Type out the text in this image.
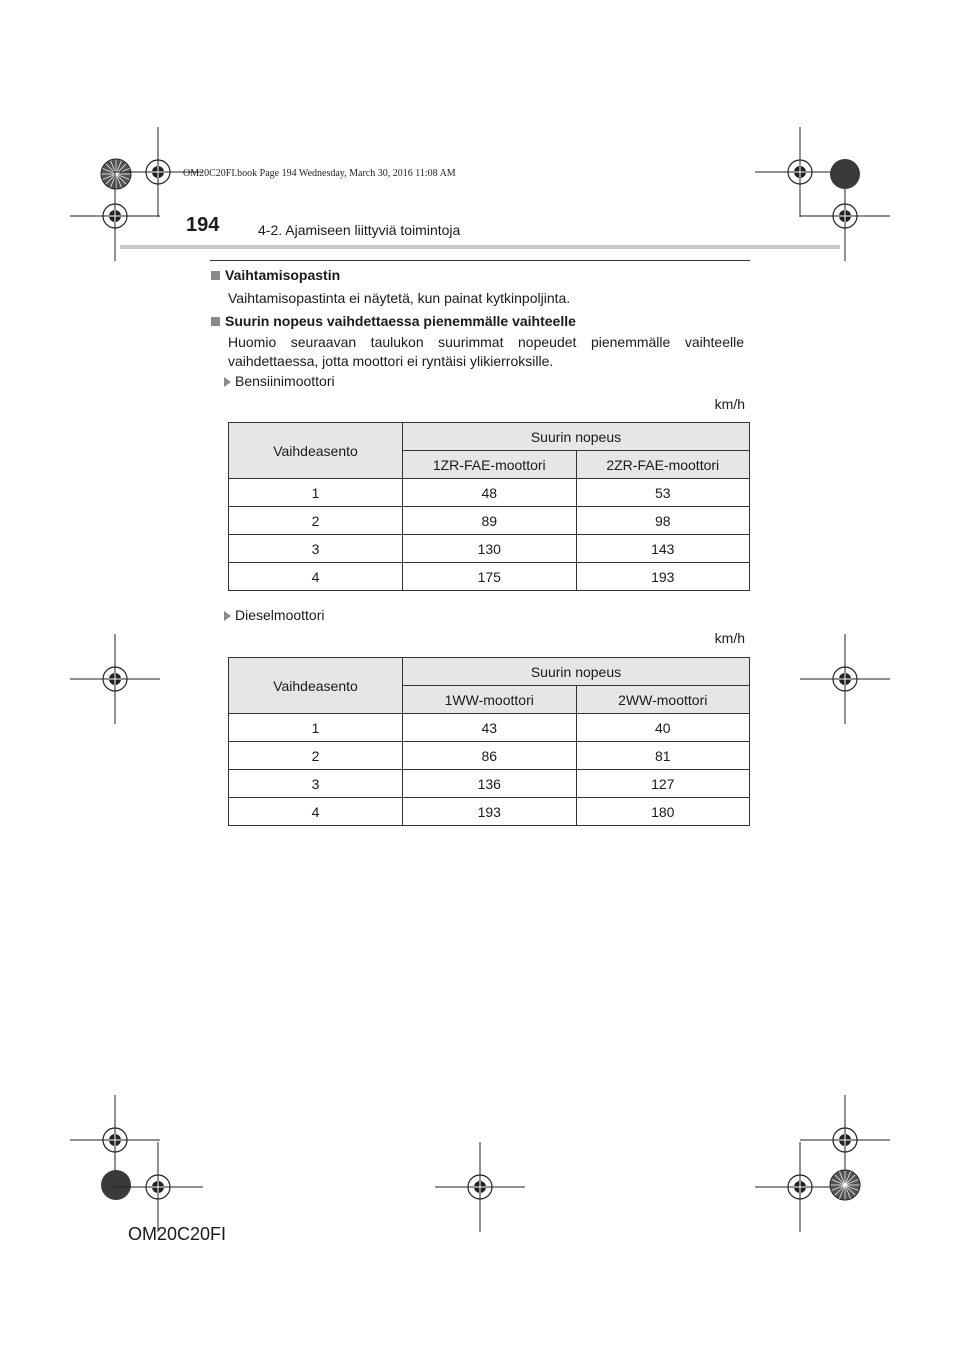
OM20C20FI.book Page 194 Wednesday, March 30, 2016 11:08 AM
194	4-2. Ajamiseen liittyviä toimintoja
Vaihtamisopastin
Vaihtamisopastinta ei näytetä, kun painat kytkinpoljinta.
Suurin nopeus vaihdettaessa pienemmälle vaihteelle
Huomio seuraavan taulukon suurimmat nopeudet pienemmälle vaihteelle vaihdettaessa, jotta moottori ei ryntäisi ylikierroksille.
Bensiinimoottori
km/h
Vaihdeasento	Suurin nopeus	
	1ZR-FAE-moottori	2ZR-FAE-moottori
1	48	53
2	89	98
3	130	143
4	175	193
Dieselmoottori
km/h
Vaihdeasento	Suurin nopeus	
	1WW-moottori	2WW-moottori
1	43	40
2	86	81
3	136	127
4	193	180
OM20C20FI
